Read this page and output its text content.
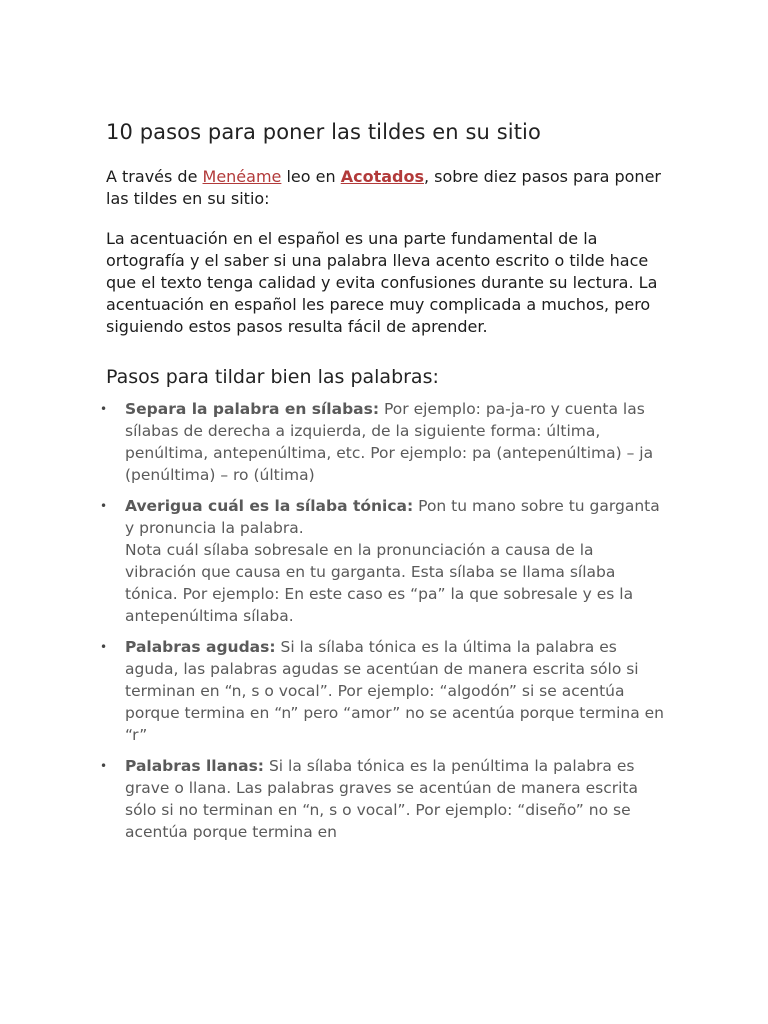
10 pasos para poner las tildes en su sitio

A través de Menéame leo en Acotados, sobre diez pasos para poner las tildes en su sitio:

La acentuación en el español es una parte fundamental de la ortografía y el saber si una palabra lleva acento escrito o tilde hace que el texto tenga calidad y evita confusiones durante su lectura. La acentuación en español les parece muy complicada a muchos, pero siguiendo estos pasos resulta fácil de aprender.

Pasos para tildar bien las palabras:
• Separa la palabra en sílabas: Por ejemplo: pa-ja-ro y cuenta las sílabas de derecha a izquierda, de la siguiente forma: última, penúltima, antepenúltima, etc. Por ejemplo: pa (antepenúltima) – ja (penúltima) – ro (última)
• Averigua cuál es la sílaba tónica: Pon tu mano sobre tu garganta y pronuncia la palabra.
Nota cuál sílaba sobresale en la pronunciación a causa de la vibración que causa en tu garganta. Esta sílaba se llama sílaba tónica. Por ejemplo: En este caso es “pa” la que sobresale y es la antepenúltima sílaba.
• Palabras agudas: Si la sílaba tónica es la última la palabra es aguda, las palabras agudas se acentúan de manera escrita sólo si terminan en “n, s o vocal”. Por ejemplo: “algodón” si se acentúa porque termina en “n” pero “amor” no se acentúa porque termina en “r”
• Palabras llanas: Si la sílaba tónica es la penúltima la palabra es grave o llana. Las palabras graves se acentúan de manera escrita sólo si no terminan en “n, s o vocal”. Por ejemplo: “diseño” no se acentúa porque termina en
